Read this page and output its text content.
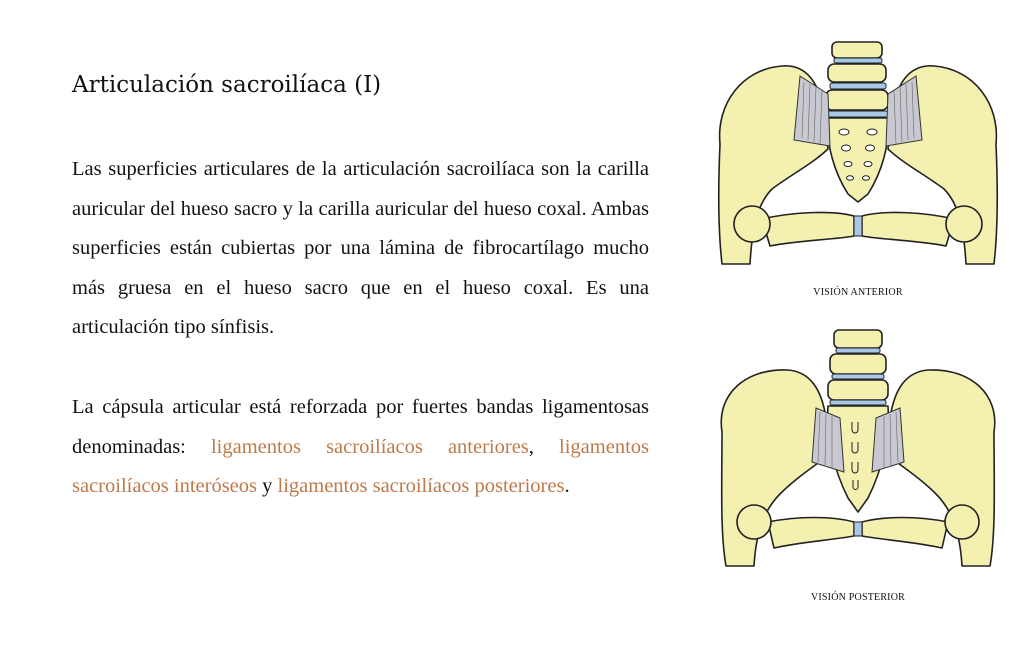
Articulación sacroilíaca (I)

Las superficies articulares de la articulación sacroilíaca son la carilla auricular del hueso sacro y la carilla auricular del hueso coxal. Ambas superficies están cubiertas por una lámina de fibrocartílago mucho más gruesa en el hueso sacro que en el hueso coxal. Es una articulación tipo sínfisis.

La cápsula articular está reforzada por fuertes bandas ligamentosas denominadas: ligamentos sacroilíacos anteriores, ligamentos sacroilíacos interóseos y ligamentos sacroilíacos posteriores.

VISIÓN ANTERIOR
VISIÓN POSTERIOR
